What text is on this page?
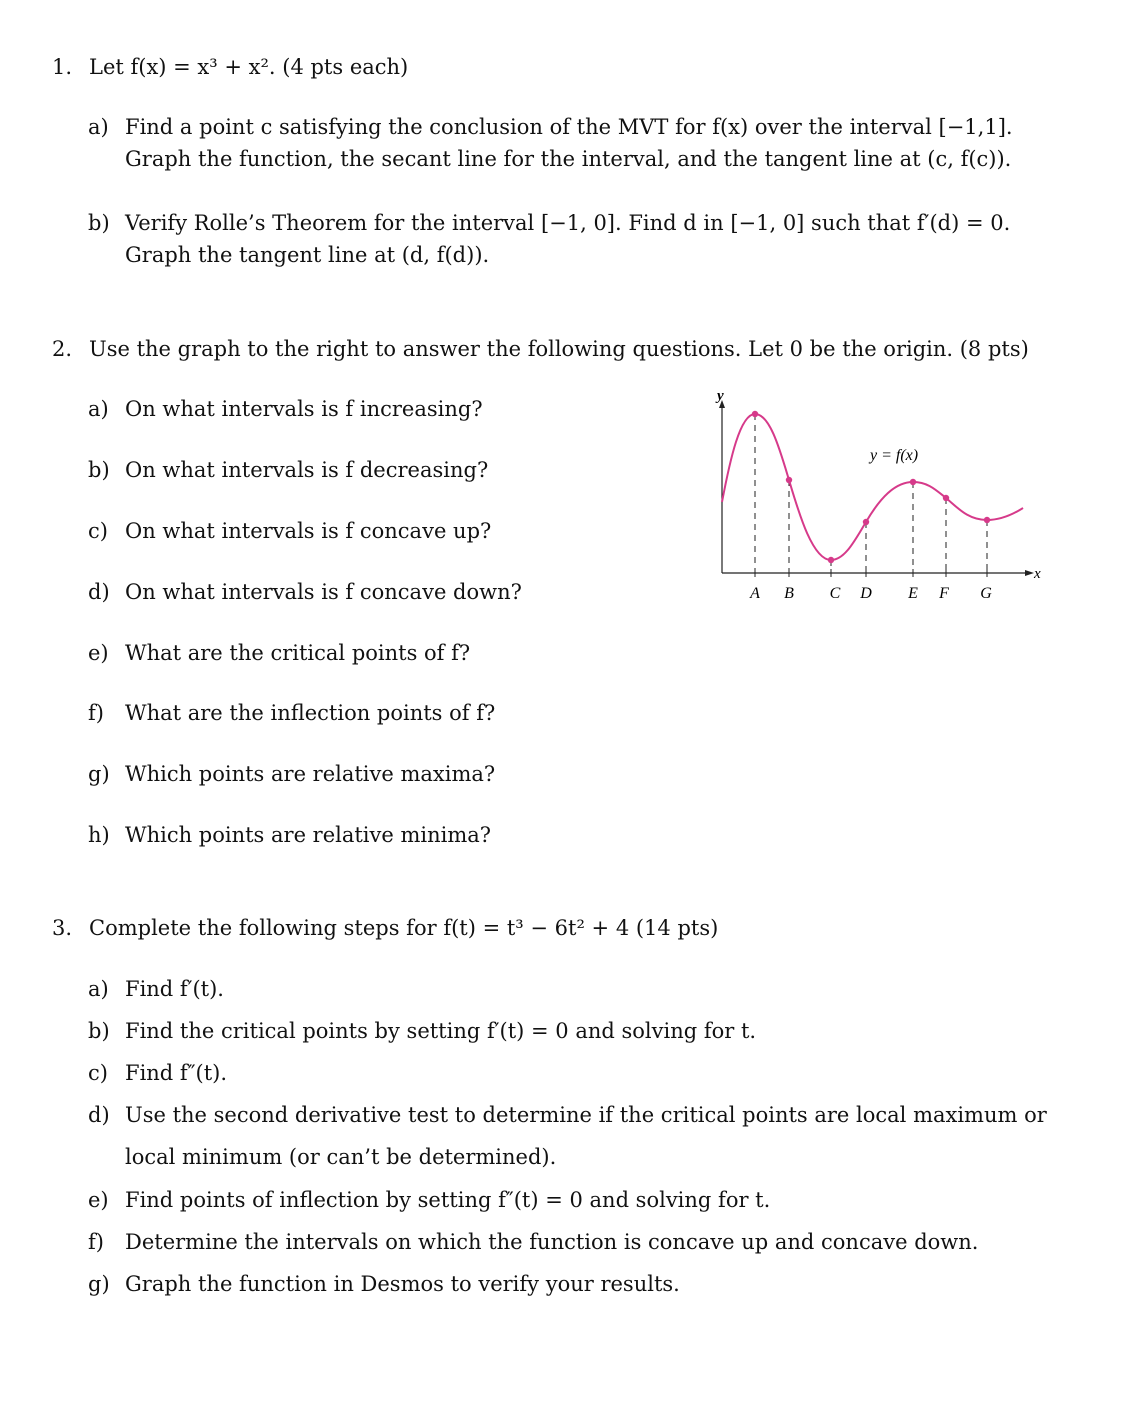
1. Let f(x) = x³ + x². (4 pts each)
a) Find a point c satisfying the conclusion of the MVT for f(x) over the interval [−1,1].
Graph the function, the secant line for the interval, and the tangent line at (c, f(c)).
b) Verify Rolle’s Theorem for the interval [−1, 0]. Find d in [−1, 0] such that f′(d) = 0.
Graph the tangent line at (d, f(d)).
2. Use the graph to the right to answer the following questions. Let 0 be the origin. (8 pts)
a) On what intervals is f increasing?
b) On what intervals is f decreasing?
c) On what intervals is f concave up?
d) On what intervals is f concave down?
e) What are the critical points of f?
f) What are the inflection points of f?
g) Which points are relative maxima?
h) Which points are relative minima?
y
x
y = f(x)
A B C D E F G
3. Complete the following steps for f(t) = t³ − 6t² + 4 (14 pts)
a) Find f′(t).
b) Find the critical points by setting f′(t) = 0 and solving for t.
c) Find f″(t).
d) Use the second derivative test to determine if the critical points are local maximum or
local minimum (or can’t be determined).
e) Find points of inflection by setting f″(t) = 0 and solving for t.
f) Determine the intervals on which the function is concave up and concave down.
g) Graph the function in Desmos to verify your results.
